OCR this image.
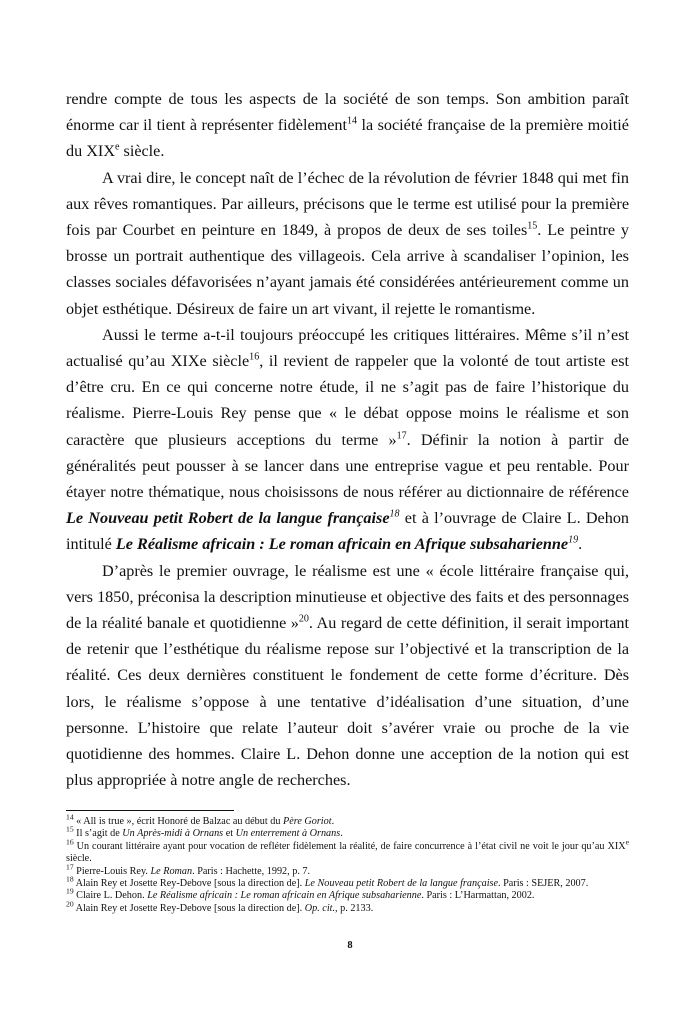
rendre compte de tous les aspects de la société de son temps. Son ambition paraît énorme car il tient à représenter fidèlement$^{14}$ la société française de la première moitié du XIXe siècle.

A vrai dire, le concept naît de l’échec de la révolution de février 1848 qui met fin aux rêves romantiques. Par ailleurs, précisons que le terme est utilisé pour la première fois par Courbet en peinture en 1849, à propos de deux de ses toiles$^{15}$. Le peintre y brosse un portrait authentique des villageois. Cela arrive à scandaliser l’opinion, les classes sociales défavorisées n’ayant jamais été considérées antérieurement comme un objet esthétique. Désireux de faire un art vivant, il rejette le romantisme.

Aussi le terme a-t-il toujours préoccupé les critiques littéraires. Même s’il n’est actualisé qu’au XIXe siècle$^{16}$, il revient de rappeler que la volonté de tout artiste est d’être cru. En ce qui concerne notre étude, il ne s’agit pas de faire l’historique du réalisme. Pierre-Louis Rey pense que « le débat oppose moins le réalisme et son caractère que plusieurs acceptions du terme »$^{17}$. Définir la notion à partir de généralités peut pousser à se lancer dans une entreprise vague et peu rentable. Pour étayer notre thématique, nous choisissons de nous référer au dictionnaire de référence Le Nouveau petit Robert de la langue française$^{18}$ et à l’ouvrage de Claire L. Dehon intitulé Le Réalisme africain : Le roman africain en Afrique subsaharienne$^{19}$.

D’après le premier ouvrage, le réalisme est une « école littéraire française qui, vers 1850, préconisa la description minutieuse et objective des faits et des personnages de la réalité banale et quotidienne »$^{20}$. Au regard de cette définition, il serait important de retenir que l’esthétique du réalisme repose sur l’objectivé et la transcription de la réalité. Ces deux dernières constituent le fondement de cette forme d’écriture. Dès lors, le réalisme s’oppose à une tentative d’idéalisation d’une situation, d’une personne. L’histoire que relate l’auteur doit s’avérer vraie ou proche de la vie quotidienne des hommes. Claire L. Dehon donne une acception de la notion qui est plus appropriée à notre angle de recherches.

$^{14}$ « All is true », écrit Honoré de Balzac au début du Père Goriot.

$^{15}$ Il s’agit de Un Après-midi à Ornans et Un enterrement à Ornans.

$^{16}$ Un courant littéraire ayant pour vocation de refléter fidèlement la réalité, de faire concurrence à l’état civil ne voit le jour qu’au XIXe siècle.

$^{17}$ Pierre-Louis Rey. Le Roman. Paris : Hachette, 1992, p. 7.

$^{18}$ Alain Rey et Josette Rey-Debove [sous la direction de]. Le Nouveau petit Robert de la langue française. Paris : SEJER, 2007.

$^{19}$ Claire L. Dehon. Le Réalisme africain : Le roman africain en Afrique subsaharienne. Paris : L’Harmattan, 2002.

$^{20}$ Alain Rey et Josette Rey-Debove [sous la direction de]. Op. cit., p. 2133.

8
